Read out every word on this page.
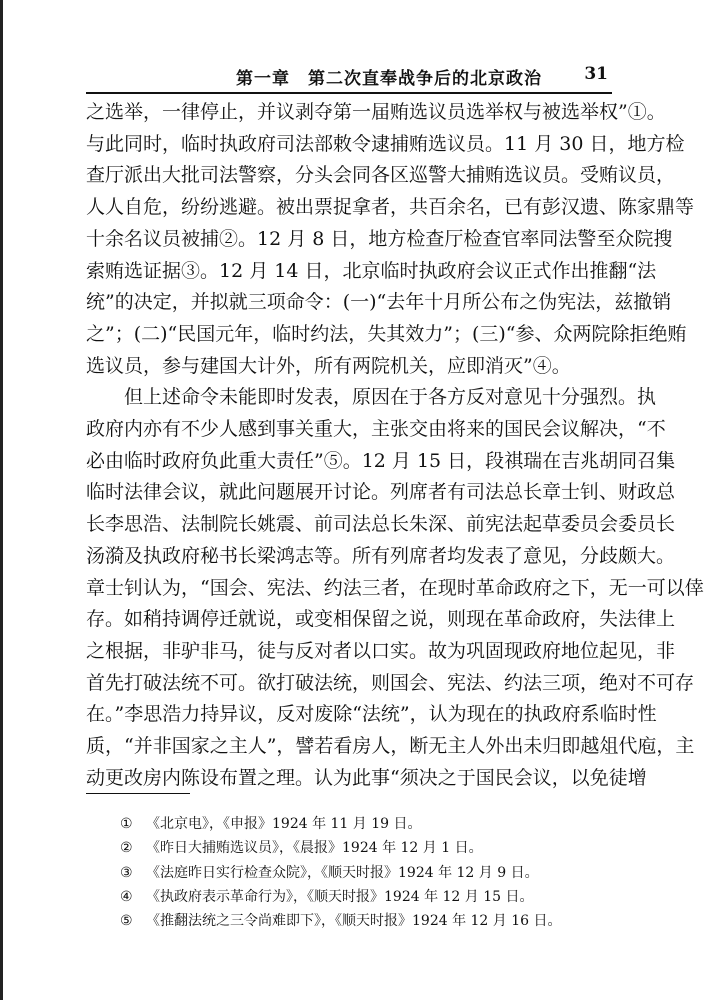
第一章　第二次直奉战争后的北京政治 31
之选举，一律停止，并议剥夺第一届贿选议员选举权与被选举权”①。
与此同时，临时执政府司法部敕令逮捕贿选议员。11 月 30 日，地方检
查厅派出大批司法警察，分头会同各区巡警大捕贿选议员。受贿议员，
人人自危，纷纷逃避。被出票捉拿者，共百余名，已有彭汉遗、陈家鼎等
十余名议员被捕②。12 月 8 日，地方检查厅检查官率同法警至众院搜
索贿选证据③。12 月 14 日，北京临时执政府会议正式作出推翻“法
统”的决定，并拟就三项命令：(一)“去年十月所公布之伪宪法，兹撤销
之”；(二)“民国元年，临时约法，失其效力”；(三)“参、众两院除拒绝贿
选议员，参与建国大计外，所有两院机关，应即消灭”④。
但上述命令未能即时发表，原因在于各方反对意见十分强烈。执
政府内亦有不少人感到事关重大，主张交由将来的国民会议解决，“不
必由临时政府负此重大责任”⑤。12 月 15 日，段祺瑞在吉兆胡同召集
临时法律会议，就此问题展开讨论。列席者有司法总长章士钊、财政总
长李思浩、法制院长姚震、前司法总长朱深、前宪法起草委员会委员长
汤漪及执政府秘书长梁鸿志等。所有列席者均发表了意见，分歧颇大。
章士钊认为，“国会、宪法、约法三者，在现时革命政府之下，无一可以倖
存。如稍持调停迁就说，或变相保留之说，则现在革命政府，失法律上
之根据，非驴非马，徒与反对者以口实。故为巩固现政府地位起见，非
首先打破法统不可。欲打破法统，则国会、宪法、约法三项，绝对不可存
在。”李思浩力持异议，反对废除“法统”，认为现在的执政府系临时性
质，“并非国家之主人”，譬若看房人，断无主人外出未归即越俎代庖，主
动更改房内陈设布置之理。认为此事“须决之于国民会议，以免徒增
① 《北京电》，《申报》1924 年 11 月 19 日。
② 《昨日大捕贿选议员》，《晨报》1924 年 12 月 1 日。
③ 《法庭昨日实行检查众院》，《顺天时报》1924 年 12 月 9 日。
④ 《执政府表示革命行为》，《顺天时报》1924 年 12 月 15 日。
⑤ 《推翻法统之三令尚难即下》，《顺天时报》1924 年 12 月 16 日。
